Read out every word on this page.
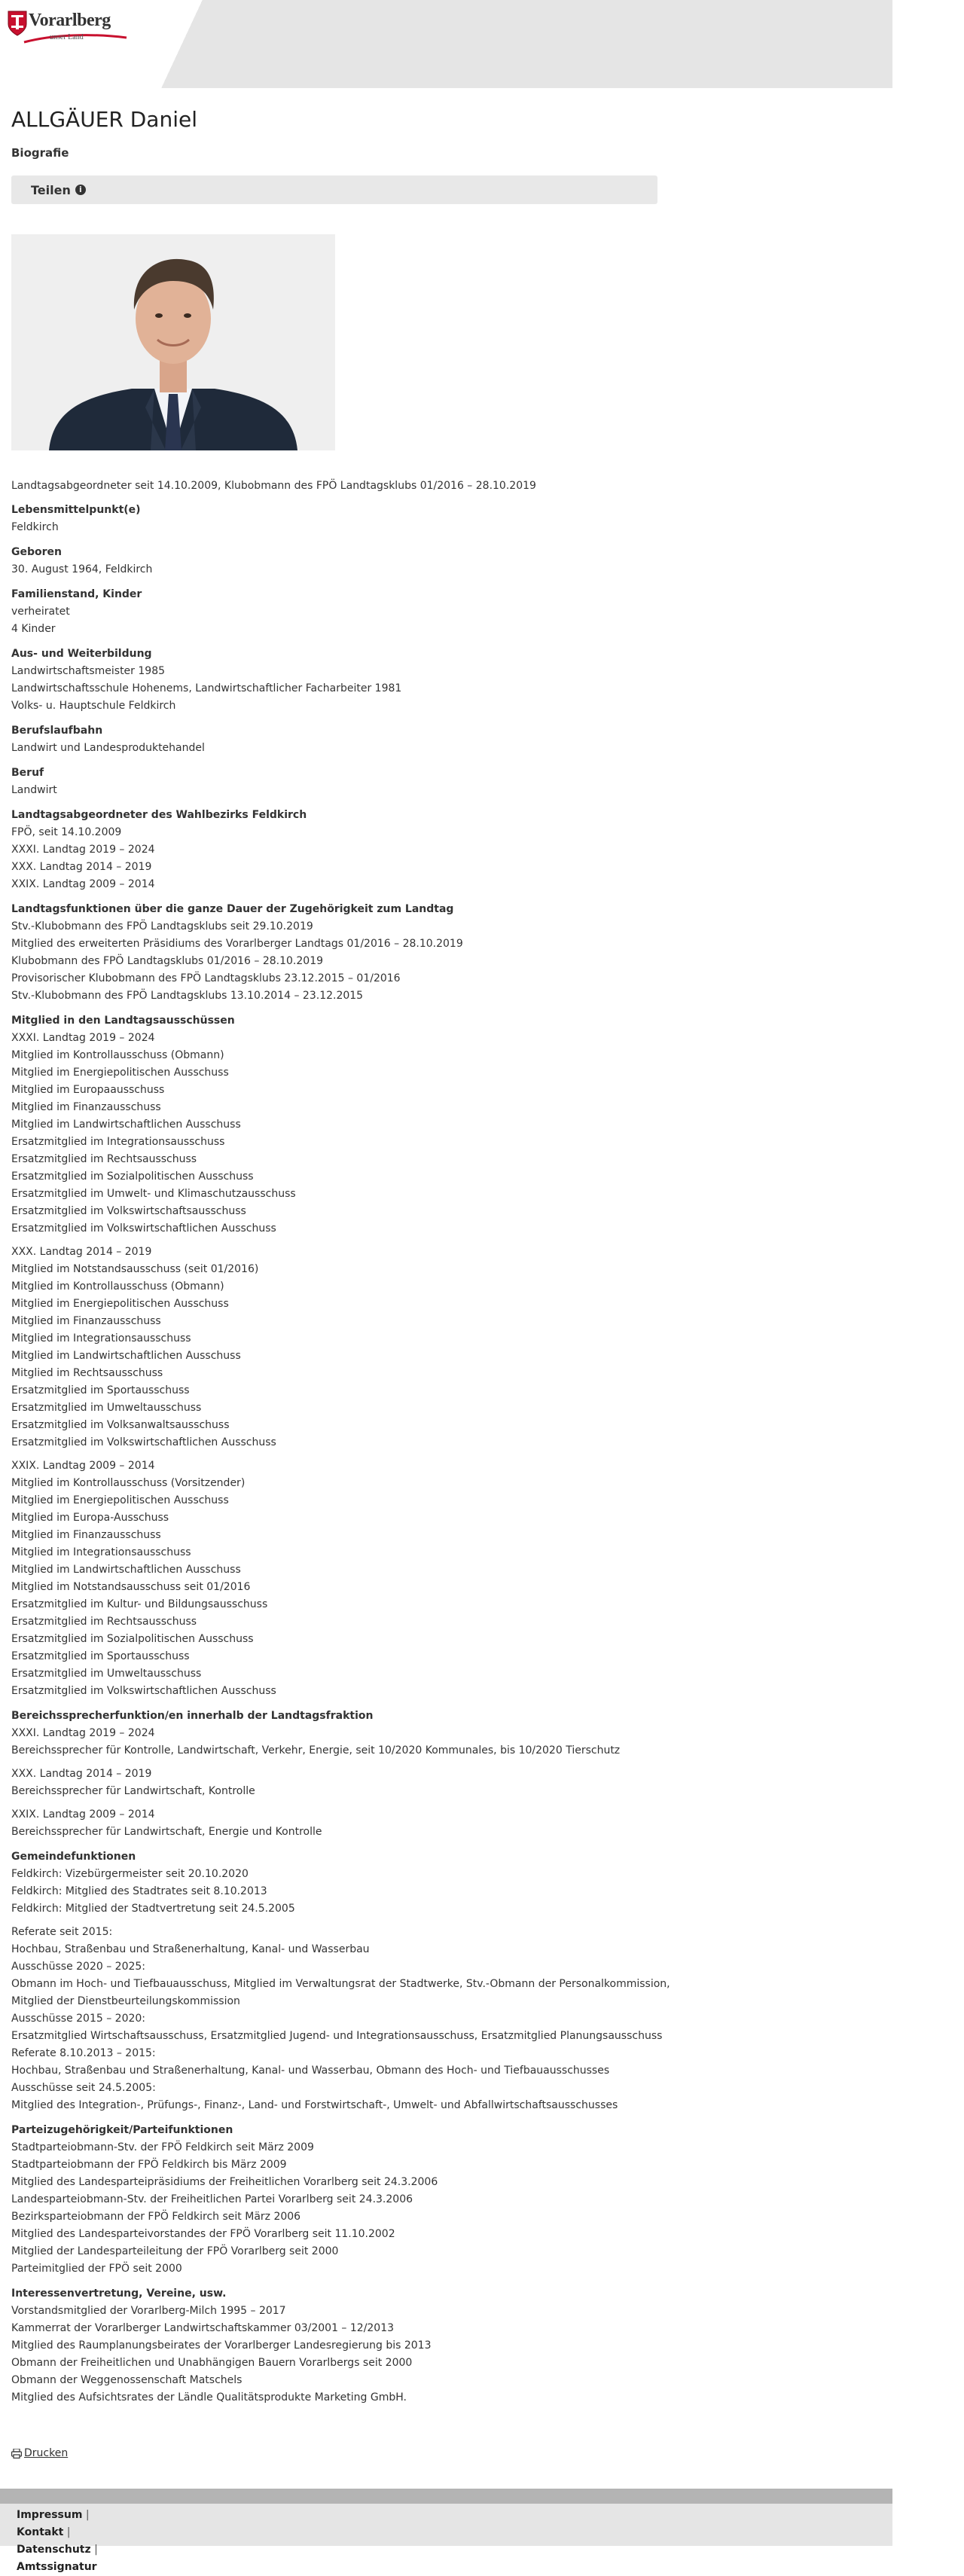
Vorarlberg
unser Land
ALLGÄUER Daniel
Biografie
Teilen	i
Landtagsabgeordneter seit 14.10.2009, Klubobmann des FPÖ Landtagsklubs 01/2016 – 28.10.2019
Lebensmittelpunkt(e)
Feldkirch
Geboren
30. August 1964, Feldkirch
Familienstand, Kinder
verheiratet
4 Kinder
Aus- und Weiterbildung
Landwirtschaftsmeister 1985
Landwirtschaftsschule Hohenems, Landwirtschaftlicher Facharbeiter 1981
Volks- u. Hauptschule Feldkirch
Berufslaufbahn
Landwirt und Landesproduktehandel
Beruf
Landwirt
Landtagsabgeordneter des Wahlbezirks Feldkirch
FPÖ, seit 14.10.2009
XXXI. Landtag 2019 – 2024
XXX. Landtag 2014 – 2019
XXIX. Landtag 2009 – 2014
Landtagsfunktionen über die ganze Dauer der Zugehörigkeit zum Landtag
Stv.-Klubobmann des FPÖ Landtagsklubs seit 29.10.2019
Mitglied des erweiterten Präsidiums des Vorarlberger Landtags 01/2016 – 28.10.2019
Klubobmann des FPÖ Landtagsklubs 01/2016 – 28.10.2019
Provisorischer Klubobmann des FPÖ Landtagsklubs 23.12.2015 – 01/2016
Stv.-Klubobmann des FPÖ Landtagsklubs 13.10.2014 – 23.12.2015
Mitglied in den Landtagsausschüssen
XXXI. Landtag 2019 – 2024
Mitglied im Kontrollausschuss (Obmann)
Mitglied im Energiepolitischen Ausschuss
Mitglied im Europaausschuss
Mitglied im Finanzausschuss
Mitglied im Landwirtschaftlichen Ausschuss
Ersatzmitglied im Integrationsausschuss
Ersatzmitglied im Rechtsausschuss
Ersatzmitglied im Sozialpolitischen Ausschuss
Ersatzmitglied im Umwelt- und Klimaschutzausschuss
Ersatzmitglied im Volkswirtschaftsausschuss
Ersatzmitglied im Volkswirtschaftlichen Ausschuss
XXX. Landtag 2014 – 2019
Mitglied im Notstandsausschuss (seit 01/2016)
Mitglied im Kontrollausschuss (Obmann)
Mitglied im Energiepolitischen Ausschuss
Mitglied im Finanzausschuss
Mitglied im Integrationsausschuss
Mitglied im Landwirtschaftlichen Ausschuss
Mitglied im Rechtsausschuss
Ersatzmitglied im Sportausschuss
Ersatzmitglied im Umweltausschuss
Ersatzmitglied im Volksanwaltsausschuss
Ersatzmitglied im Volkswirtschaftlichen Ausschuss
XXIX. Landtag 2009 – 2014
Mitglied im Kontrollausschuss (Vorsitzender)
Mitglied im Energiepolitischen Ausschuss
Mitglied im Europa-Ausschuss
Mitglied im Finanzausschuss
Mitglied im Integrationsausschuss
Mitglied im Landwirtschaftlichen Ausschuss
Mitglied im Notstandsausschuss seit 01/2016
Ersatzmitglied im Kultur- und Bildungsausschuss
Ersatzmitglied im Rechtsausschuss
Ersatzmitglied im Sozialpolitischen Ausschuss
Ersatzmitglied im Sportausschuss
Ersatzmitglied im Umweltausschuss
Ersatzmitglied im Volkswirtschaftlichen Ausschuss
Bereichssprecherfunktion/en innerhalb der Landtagsfraktion
XXXI. Landtag 2019 – 2024
Bereichssprecher für Kontrolle, Landwirtschaft, Verkehr, Energie, seit 10/2020 Kommunales, bis 10/2020 Tierschutz
XXX. Landtag 2014 – 2019
Bereichssprecher für Landwirtschaft, Kontrolle
XXIX. Landtag 2009 – 2014
Bereichssprecher für Landwirtschaft, Energie und Kontrolle
Gemeindefunktionen
Feldkirch: Vizebürgermeister seit 20.10.2020
Feldkirch: Mitglied des Stadtrates seit 8.10.2013
Feldkirch: Mitglied der Stadtvertretung seit 24.5.2005
Referate seit 2015:
Hochbau, Straßenbau und Straßenerhaltung, Kanal- und Wasserbau
Ausschüsse 2020 – 2025:
Obmann im Hoch- und Tiefbauausschuss, Mitglied im Verwaltungsrat der Stadtwerke, Stv.-Obmann der Personalkommission,
Mitglied der Dienstbeurteilungskommission
Ausschüsse 2015 – 2020:
Ersatzmitglied Wirtschaftsausschuss, Ersatzmitglied Jugend- und Integrationsausschuss, Ersatzmitglied Planungsausschuss
Referate 8.10.2013 – 2015:
Hochbau, Straßenbau und Straßenerhaltung, Kanal- und Wasserbau, Obmann des Hoch- und Tiefbauausschusses
Ausschüsse seit 24.5.2005:
Mitglied des Integration-, Prüfungs-, Finanz-, Land- und Forstwirtschaft-, Umwelt- und Abfallwirtschaftsausschusses
Parteizugehörigkeit/Parteifunktionen
Stadtparteiobmann-Stv. der FPÖ Feldkirch seit März 2009
Stadtparteiobmann der FPÖ Feldkirch bis März 2009
Mitglied des Landesparteipräsidiums der Freiheitlichen Vorarlberg seit 24.3.2006
Landesparteiobmann-Stv. der Freiheitlichen Partei Vorarlberg seit 24.3.2006
Bezirksparteiobmann der FPÖ Feldkirch seit März 2006
Mitglied des Landesparteivorstandes der FPÖ Vorarlberg seit 11.10.2002
Mitglied der Landesparteileitung der FPÖ Vorarlberg seit 2000
Parteimitglied der FPÖ seit 2000
Interessenvertretung, Vereine, usw.
Vorstandsmitglied der Vorarlberg-Milch 1995 – 2017
Kammerrat der Vorarlberger Landwirtschaftskammer 03/2001 – 12/2013
Mitglied des Raumplanungsbeirates der Vorarlberger Landesregierung bis 2013
Obmann der Freiheitlichen und Unabhängigen Bauern Vorarlbergs seit 2000
Obmann der Weggenossenschaft Matschels
Mitglied des Aufsichtsrates der Ländle Qualitätsprodukte Marketing GmbH.
Drucken
Impressum |
Kontakt |
Datenschutz |
Amtssignatur
